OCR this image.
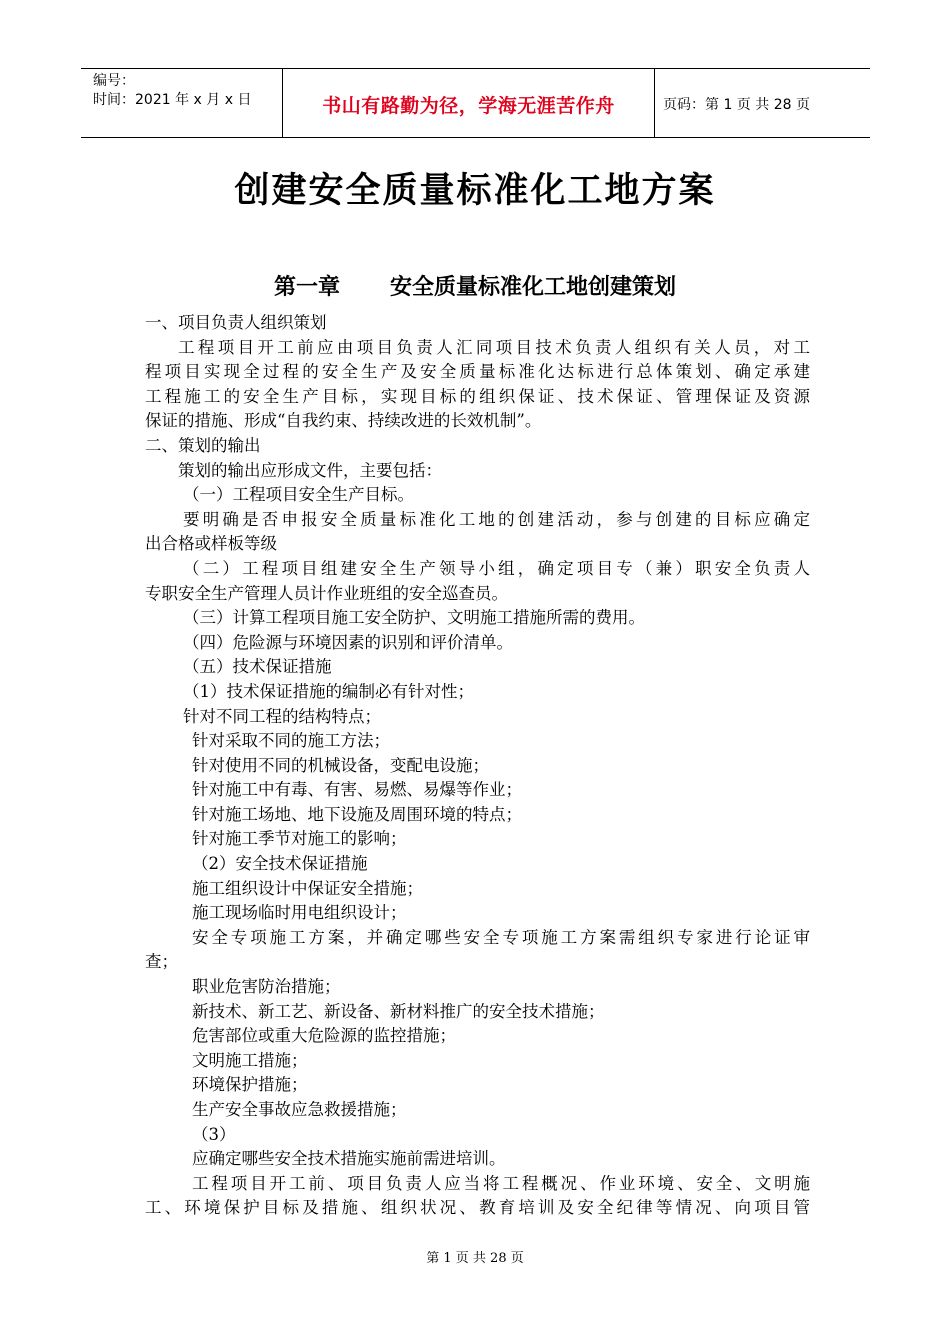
编号：
时间：2021 年 x 月 x 日	书山有路勤为径，学海无涯苦作舟	页码：第 1 页 共 28 页
创建安全质量标准化工地方案
第一章 安全质量标准化工地创建策划
一、项目负责人组织策划
工程项目开工前应由项目负责人汇同项目技术负责人组织有关人员，对工
程项目实现全过程的安全生产及安全质量标准化达标进行总体策划、确定承建
工程施工的安全生产目标，实现目标的组织保证、技术保证、管理保证及资源
保证的措施、形成“自我约束、持续改进的长效机制”。
二、策划的输出
策划的输出应形成文件，主要包括：
（一）工程项目安全生产目标。
要明确是否申报安全质量标准化工地的创建活动，参与创建的目标应确定
出合格或样板等级
（二）工程项目组建安全生产领导小组，确定项目专（兼）职安全负责人
专职安全生产管理人员计作业班组的安全巡查员。
（三）计算工程项目施工安全防护、文明施工措施所需的费用。
（四）危险源与环境因素的识别和评价清单。
（五）技术保证措施
（1）技术保证措施的编制必有针对性；
针对不同工程的结构特点；
针对采取不同的施工方法；
针对使用不同的机械设备，变配电设施；
针对施工中有毒、有害、易燃、易爆等作业；
针对施工场地、地下设施及周围环境的特点；
针对施工季节对施工的影响；
（2）安全技术保证措施
施工组织设计中保证安全措施；
施工现场临时用电组织设计；
安全专项施工方案，并确定哪些安全专项施工方案需组织专家进行论证审
查；
职业危害防治措施；
新技术、新工艺、新设备、新材料推广的安全技术措施；
危害部位或重大危险源的监控措施；
文明施工措施；
环境保护措施；
生产安全事故应急救援措施；
（3）
应确定哪些安全技术措施实施前需进培训。
工程项目开工前、项目负责人应当将工程概况、作业环境、安全、文明施
工、环境保护目标及措施、组织状况、教育培训及安全纪律等情况、向项目管
第 1 页 共 28 页
